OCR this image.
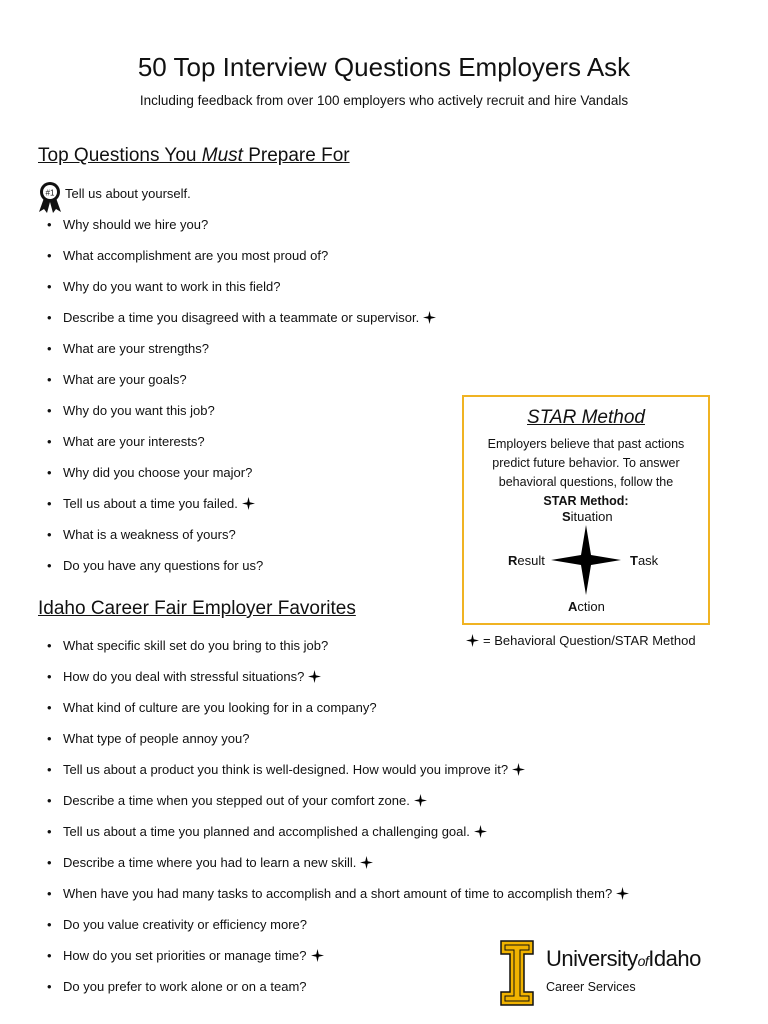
50 Top Interview Questions Employers Ask
Including feedback from over 100 employers who actively recruit and hire Vandals
Top Questions You Must Prepare For
#1 Tell us about yourself.
• Why should we hire you?
• What accomplishment are you most proud of?
• Why do you want to work in this field?
• Describe a time you disagreed with a teammate or supervisor.
• What are your strengths?
• What are your goals?
• Why do you want this job?
• What are your interests?
• Why did you choose your major?
• Tell us about a time you failed.
• What is a weakness of yours?
• Do you have any questions for us?
Idaho Career Fair Employer Favorites
• What specific skill set do you bring to this job?
• How do you deal with stressful situations?
• What kind of culture are you looking for in a company?
• What type of people annoy you?
• Tell us about a product you think is well-designed. How would you improve it?
• Describe a time when you stepped out of your comfort zone.
• Tell us about a time you planned and accomplished a challenging goal.
• Describe a time where you had to learn a new skill.
• When have you had many tasks to accomplish and a short amount of time to accomplish them?
• Do you value creativity or efficiency more?
• How do you set priorities or manage time?
• Do you prefer to work alone or on a team?
STAR Method
Employers believe that past actions predict future behavior. To answer behavioral questions, follow the
STAR Method:
Situation
Result	Task
Action
= Behavioral Question/STAR Method
UniversityofIdaho
Career Services
